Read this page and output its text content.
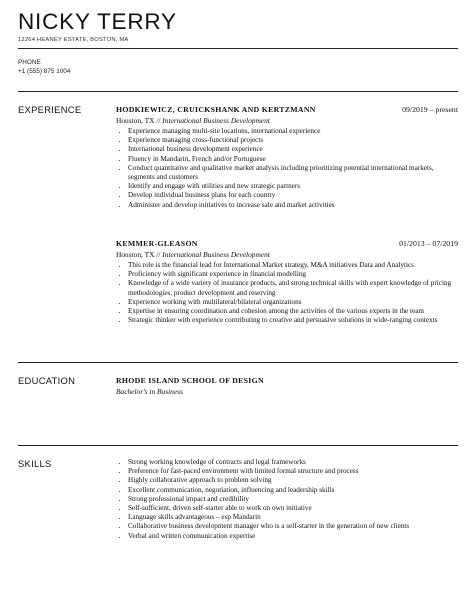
NICKY TERRY
12264 HEANEY ESTATE, BOSTON, MA
PHONE
+1 (555) 875 1004
EXPERIENCE	HODKIEWICZ, CRUICKSHANK AND KERTZMANN	09/2019 – present
Houston, TX // International Business Development
• Experience managing multi-site locations, international experience
• Experience managing cross-functional projects
• International business development experience
• Fluency in Mandarin, French and/or Portuguese
• Conduct quantitative and qualitative market analysis including prioritizing potential international markets, segments and customers
• Identify and engage with utilities and new strategic partners
• Develop individual business plans for each country
• Administer and develop initiatives to increase sale and market activities
KEMMER-GLEASON	01/2013 – 07/2019
Houston, TX // International Business Development
• This role is the financial lead for International Market strategy, M&A initiatives Data and Analytics
• Proficiency with significant experience in financial modelling
• Knowledge of a wide variety of insurance products, and strong technical skills with expert knowledge of pricing methodologies, product development and reserving
• Experience working with multilateral/bilateral organizations
• Expertise in ensuring coordination and cohesion among the activities of the various experts in the team
• Strategic thinker with experience contributing to creative and persuasive solutions in wide-ranging contexts
EDUCATION	RHODE ISLAND SCHOOL OF DESIGN
Bachelor's in Business
SKILLS
•	Strong working knowledge of contracts and legal frameworks
• Preference for fast-paced environment with limited formal structure and process
• Highly collaborative approach to problem solving
• Excellent communication, negotiation, influencing and leadership skills
• Strong professional impact and credibility
• Self-sufficient, driven self-starter able to work on own initiative
• Language skills advantageous – esp Mandarin
• Collaborative business development manager who is a self-starter in the generation of new clients
• Verbal and written communication expertise
